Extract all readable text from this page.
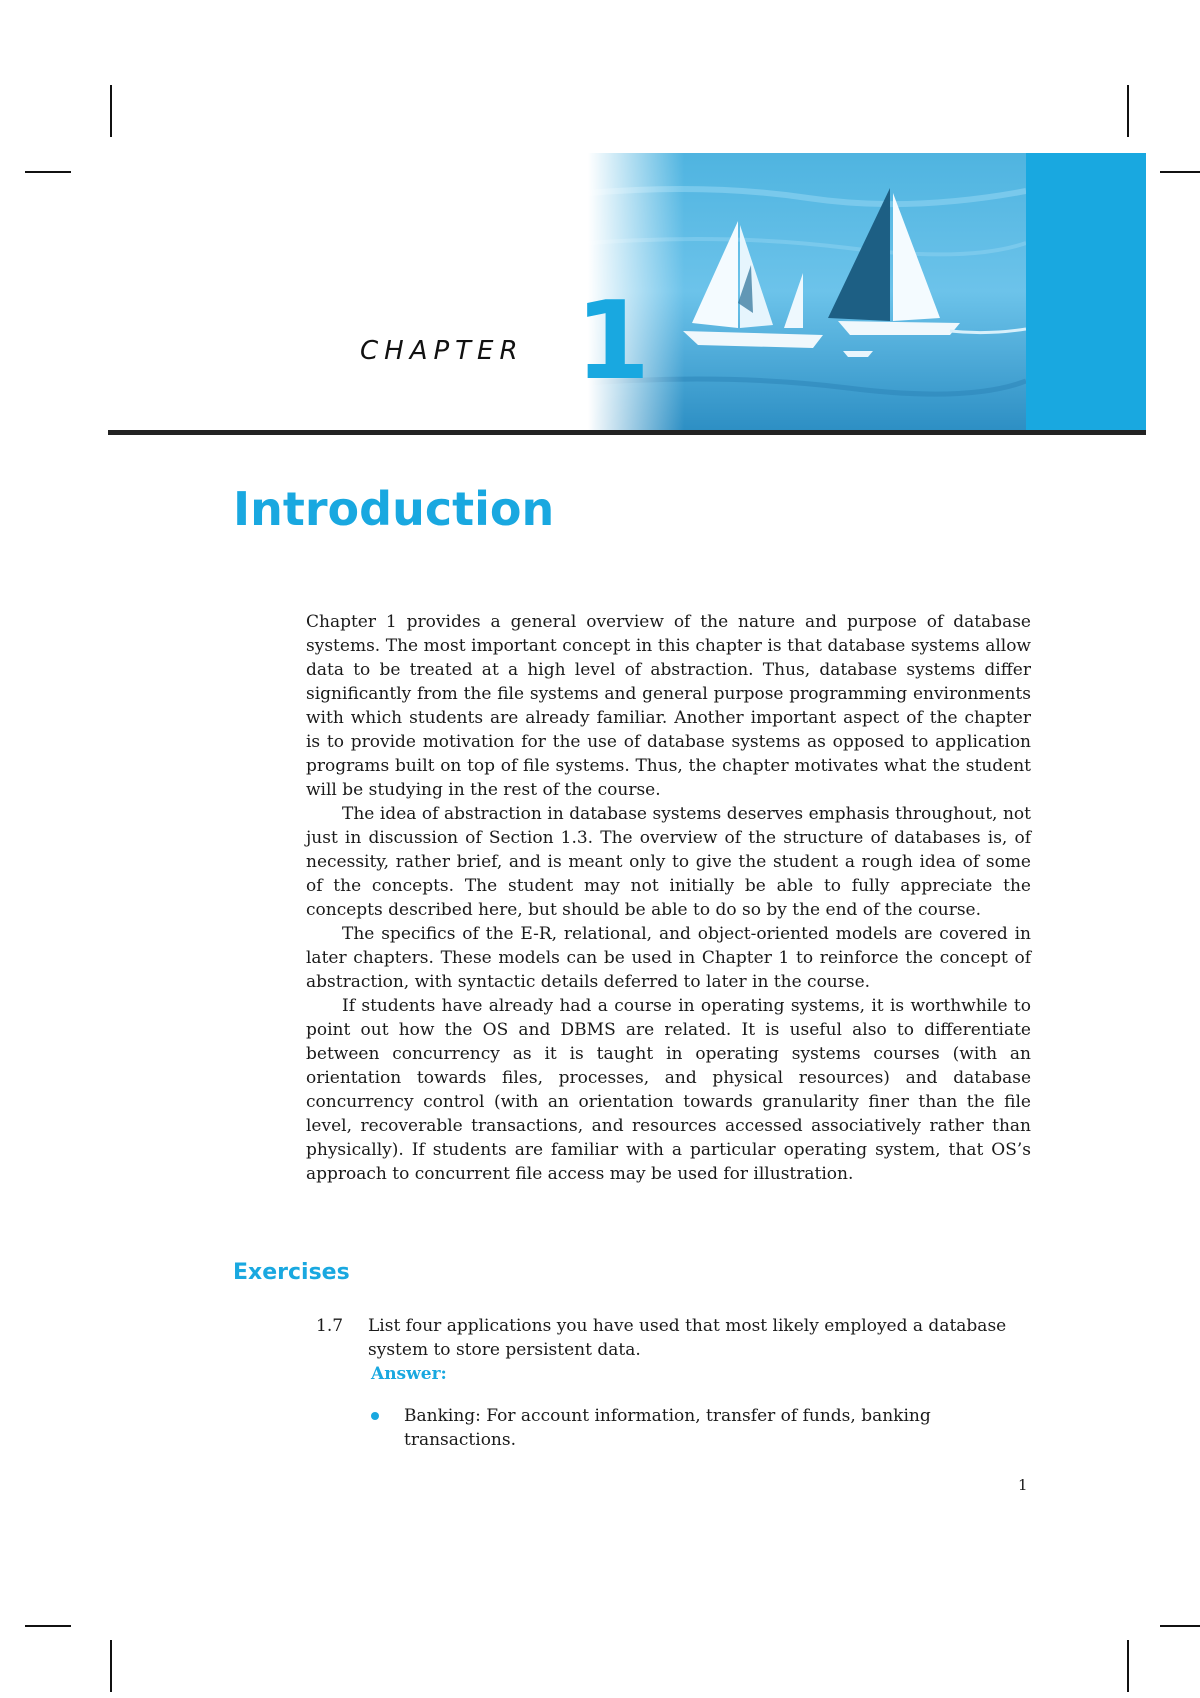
CHAPTER 1
Introduction

Chapter 1 provides a general overview of the nature and purpose of database systems. The most important concept in this chapter is that database systems allow data to be treated at a high level of abstraction. Thus, database systems differ significantly from the file systems and general purpose programming environments with which students are already familiar. Another important aspect of the chapter is to provide motivation for the use of database systems as opposed to application programs built on top of file systems. Thus, the chapter motivates what the student will be studying in the rest of the course.

The idea of abstraction in database systems deserves emphasis throughout, not just in discussion of Section 1.3. The overview of the structure of databases is, of necessity, rather brief, and is meant only to give the student a rough idea of some of the concepts. The student may not initially be able to fully appreciate the concepts described here, but should be able to do so by the end of the course.

The specifics of the E-R, relational, and object-oriented models are covered in later chapters. These models can be used in Chapter 1 to reinforce the concept of abstraction, with syntactic details deferred to later in the course.

If students have already had a course in operating systems, it is worthwhile to point out how the OS and DBMS are related. It is useful also to differentiate between concurrency as it is taught in operating systems courses (with an orientation towards files, processes, and physical resources) and database concurrency control (with an orientation towards granularity finer than the file level, recoverable transactions, and resources accessed associatively rather than physically). If students are familiar with a particular operating system, that OS’s approach to concurrent file access may be used for illustration.

Exercises
1.7 List four applications you have used that most likely employed a database system to store persistent data.
Answer:
Banking: For account information, transfer of funds, banking transactions.
1
